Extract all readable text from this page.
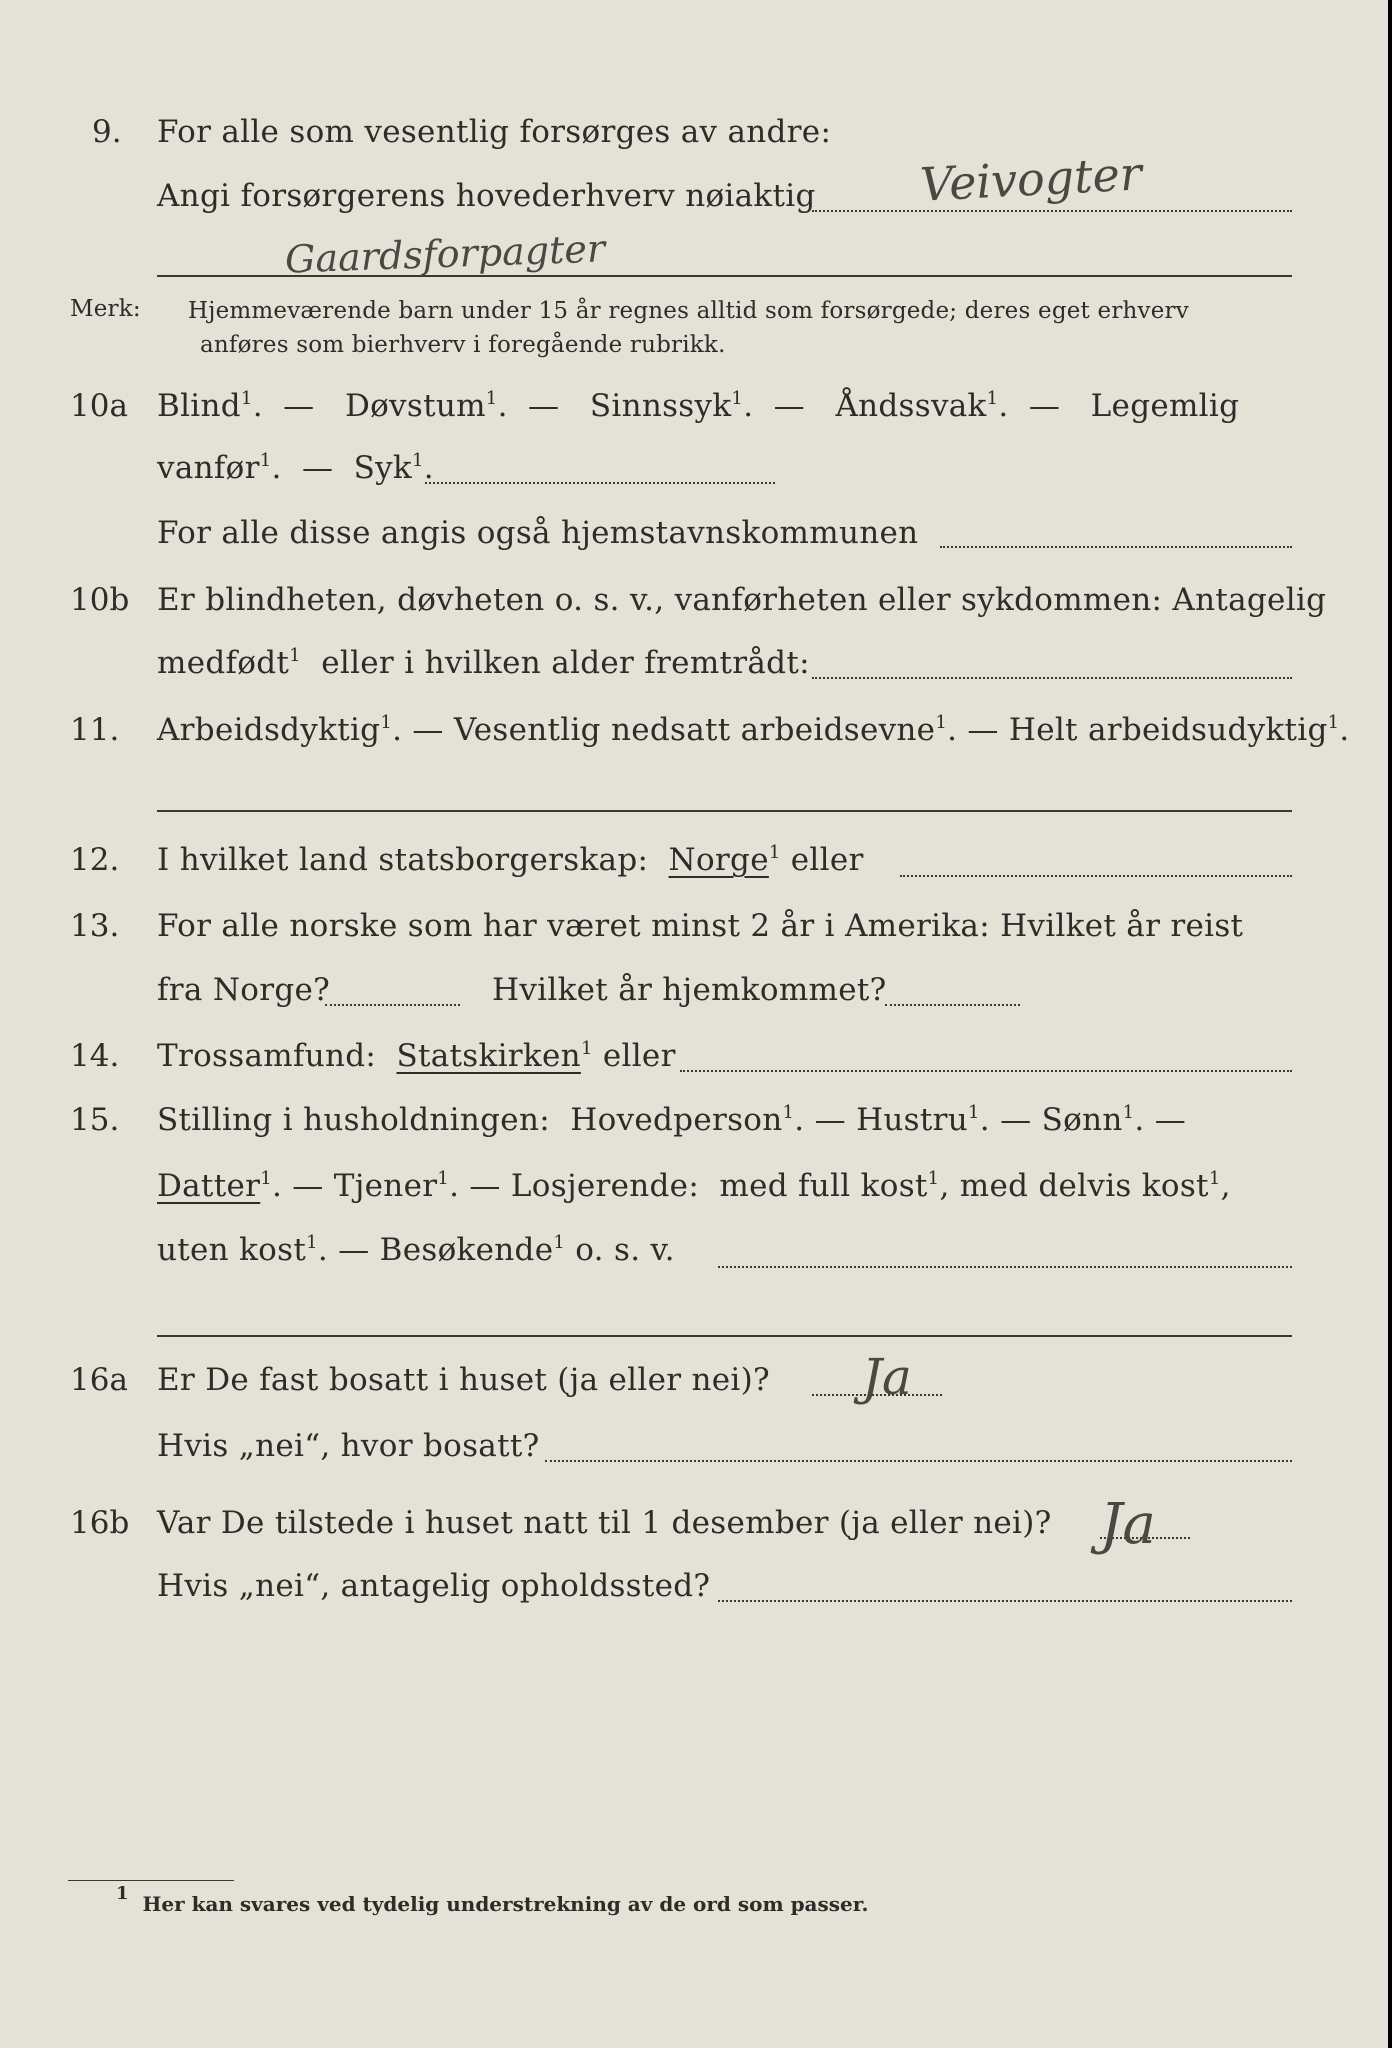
9. For alle som vesentlig forsørges av andre:
Angi forsørgerens hovederhverv nøiaktig Veivogter
Gaardsforpagter
Merk: Hjemmeværende barn under 15 år regnes alltid som forsørgede; deres eget erhverv
anføres som bierhverv i foregående rubrikk.
10a Blind$^1$.  — Døvstum$^1$.  — Sinnssyk$^1$.  — Åndssvak$^1$.  — Legemlig
vanfør$^1$.  — Syk$^1$.
For alle disse angis også hjemstavnskommunen
10b Er blindheten, døvheten o. s. v., vanførheten eller sykdommen: Antagelig
medfødt$^1$ eller i hvilken alder fremtrådt:
11. Arbeidsdyktig$^1$. — Vesentlig nedsatt arbeidsevne$^1$. — Helt arbeidsudyktig$^1$.
12. I hvilket land statsborgerskap: Norge$^1$ eller
13. For alle norske som har været minst 2 år i Amerika: Hvilket år reist
fra Norge?	Hvilket år hjemkommet?
14. Trossamfund: Statskirken$^1$ eller
15. Stilling i husholdningen: Hovedperson$^1$. — Hustru$^1$. — Sønn$^1$. —
Datter$^1$. — Tjener$^1$. — Losjerende: med full kost$^1$, med delvis kost$^1$,
uten kost$^1$. — Besøkende$^1$ o. s. v.
16a Er De fast bosatt i huset (ja eller nei)? Ja
Hvis „nei“, hvor bosatt?
16b Var De tilstede i huset natt til 1 desember (ja eller nei)? Ja
Hvis „nei“, antagelig opholdssted?
$^1$ Her kan svares ved tydelig understrekning av de ord som passer.
